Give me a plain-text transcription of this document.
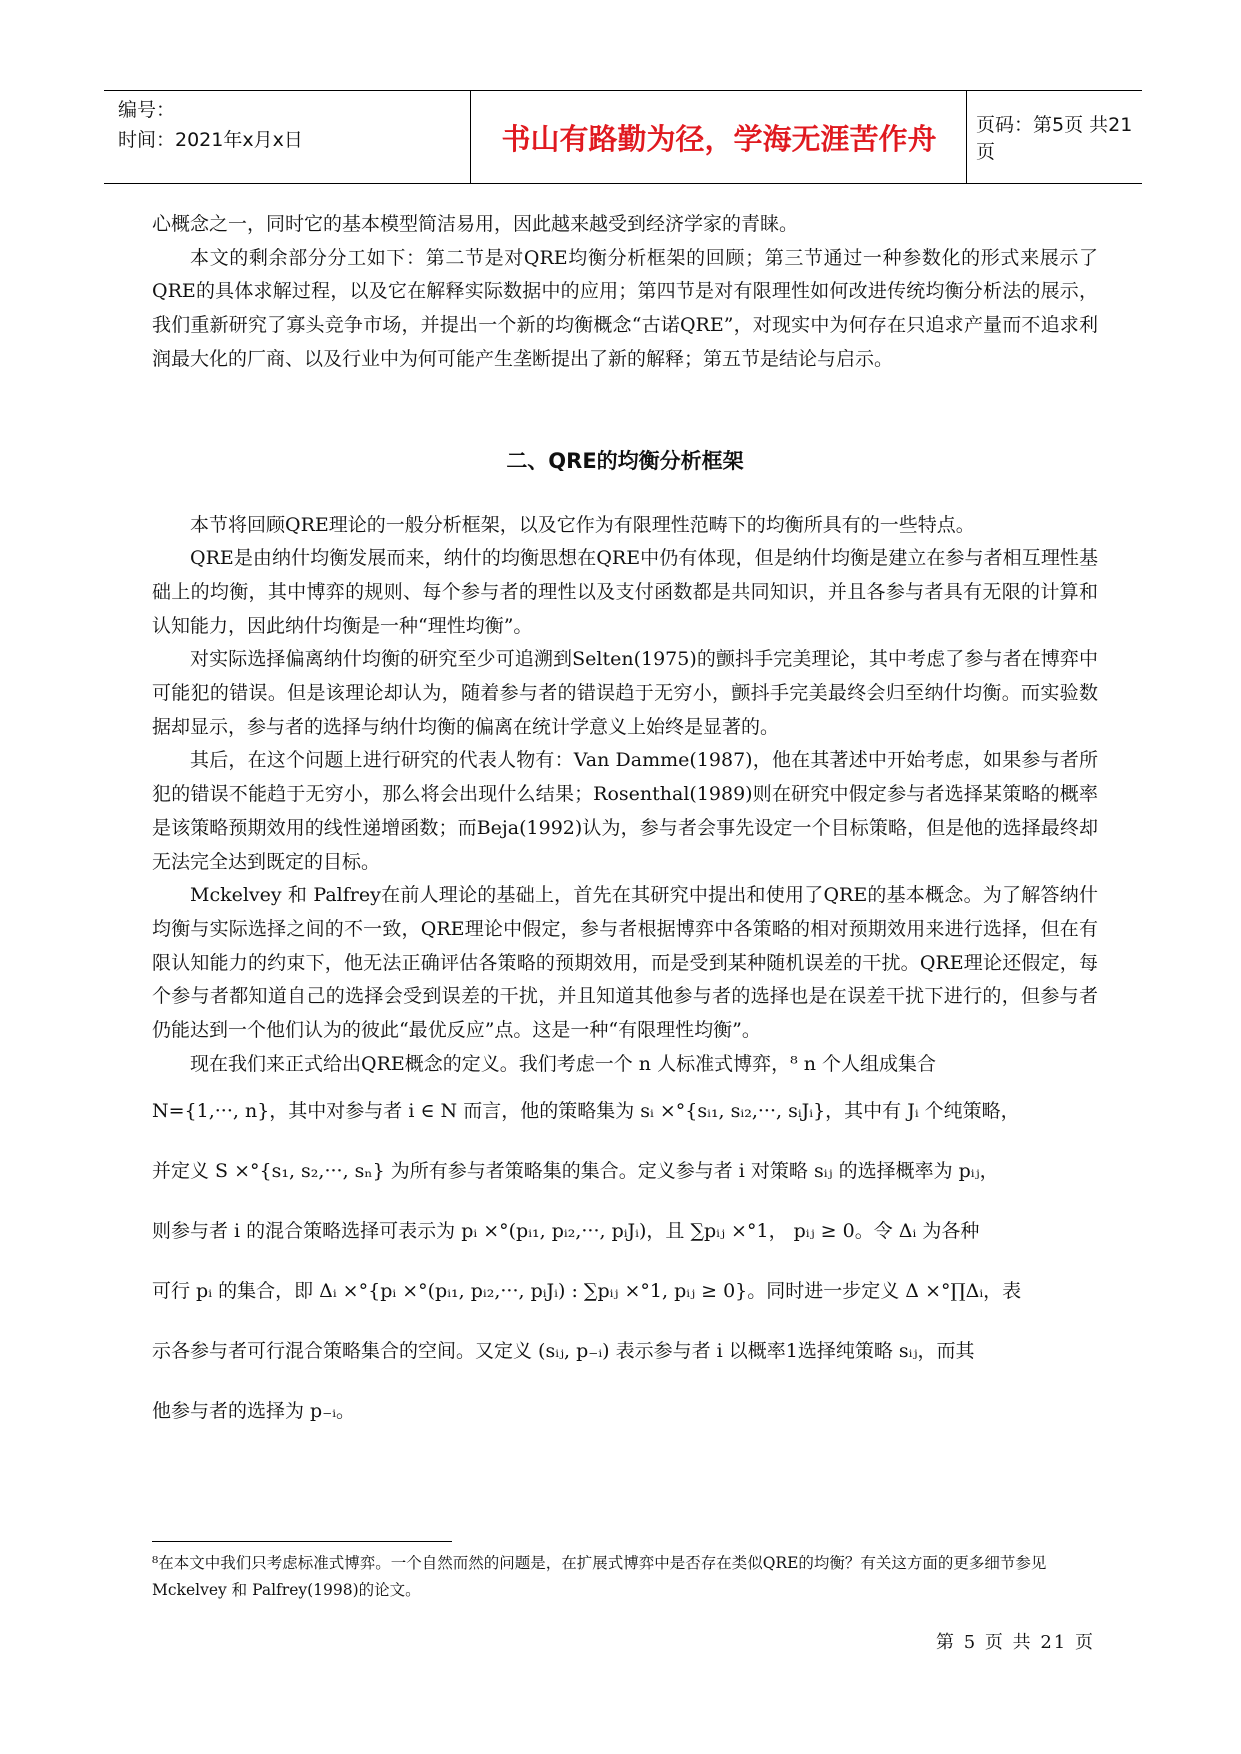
编号：
时间：2021年x月x日	书山有路勤为径，学海无涯苦作舟	页码：第5页 共21页

心概念之一，同时它的基本模型简洁易用，因此越来越受到经济学家的青睐。

本文的剩余部分分工如下：第二节是对QRE均衡分析框架的回顾；第三节通过一种参数化的形式来展示了QRE的具体求解过程，以及它在解释实际数据中的应用；第四节是对有限理性如何改进传统均衡分析法的展示，我们重新研究了寡头竞争市场，并提出一个新的均衡概念“古诺QRE”，对现实中为何存在只追求产量而不追求利润最大化的厂商、以及行业中为何可能产生垄断提出了新的解释；第五节是结论与启示。

二、QRE的均衡分析框架

本节将回顾QRE理论的一般分析框架，以及它作为有限理性范畴下的均衡所具有的一些特点。

QRE是由纳什均衡发展而来，纳什的均衡思想在QRE中仍有体现，但是纳什均衡是建立在参与者相互理性基础上的均衡，其中博弈的规则、每个参与者的理性以及支付函数都是共同知识，并且各参与者具有无限的计算和认知能力，因此纳什均衡是一种“理性均衡”。

对实际选择偏离纳什均衡的研究至少可追溯到Selten(1975)的颤抖手完美理论，其中考虑了参与者在博弈中可能犯的错误。但是该理论却认为，随着参与者的错误趋于无穷小，颤抖手完美最终会归至纳什均衡。而实验数据却显示，参与者的选择与纳什均衡的偏离在统计学意义上始终是显著的。

其后，在这个问题上进行研究的代表人物有：Van Damme(1987)，他在其著述中开始考虑，如果参与者所犯的错误不能趋于无穷小，那么将会出现什么结果；Rosenthal(1989)则在研究中假定参与者选择某策略的概率是该策略预期效用的线性递增函数；而Beja(1992)认为，参与者会事先设定一个目标策略，但是他的选择最终却无法完全达到既定的目标。

Mckelvey 和 Palfrey在前人理论的基础上，首先在其研究中提出和使用了QRE的基本概念。为了解答纳什均衡与实际选择之间的不一致，QRE理论中假定，参与者根据博弈中各策略的相对预期效用来进行选择，但在有限认知能力的约束下，他无法正确评估各策略的预期效用，而是受到某种随机误差的干扰。QRE理论还假定，每个参与者都知道自己的选择会受到误差的干扰，并且知道其他参与者的选择也是在误差干扰下进行的，但参与者仍能达到一个他们认为的彼此“最优反应”点。这是一种“有限理性均衡”。

现在我们来正式给出QRE概念的定义。我们考虑一个 n 人标准式博弈，⁸ n 个人组成集合

N={1,···, n}，其中对参与者 i ∈ N 而言，他的策略集为 sᵢ ×°{sᵢ₁, sᵢ₂,···, sᵢJᵢ}，其中有 Jᵢ 个纯策略，

并定义 S ×°{s₁, s₂,···, sₙ} 为所有参与者策略集的集合。定义参与者 i 对策略 sᵢⱼ 的选择概率为 pᵢⱼ，

则参与者 i 的混合策略选择可表示为 pᵢ ×°(pᵢ₁, pᵢ₂,···, pᵢJᵢ)，且 ∑pᵢⱼ ×°1， pᵢⱼ ≥ 0。令 Δᵢ 为各种

可行 pᵢ 的集合，即 Δᵢ ×°{pᵢ ×°(pᵢ₁, pᵢ₂,···, pᵢJᵢ) : ∑pᵢⱼ ×°1, pᵢⱼ ≥ 0}。同时进一步定义 Δ ×°∏Δᵢ，表

示各参与者可行混合策略集合的空间。又定义 (sᵢⱼ, p₋ᵢ) 表示参与者 i 以概率1选择纯策略 sᵢⱼ，而其

他参与者的选择为 p₋ᵢ。

⁸在本文中我们只考虑标准式博弈。一个自然而然的问题是，在扩展式博弈中是否存在类似QRE的均衡？有关这方面的更多细节参见Mckelvey 和 Palfrey(1998)的论文。
第 5 页 共 21 页
